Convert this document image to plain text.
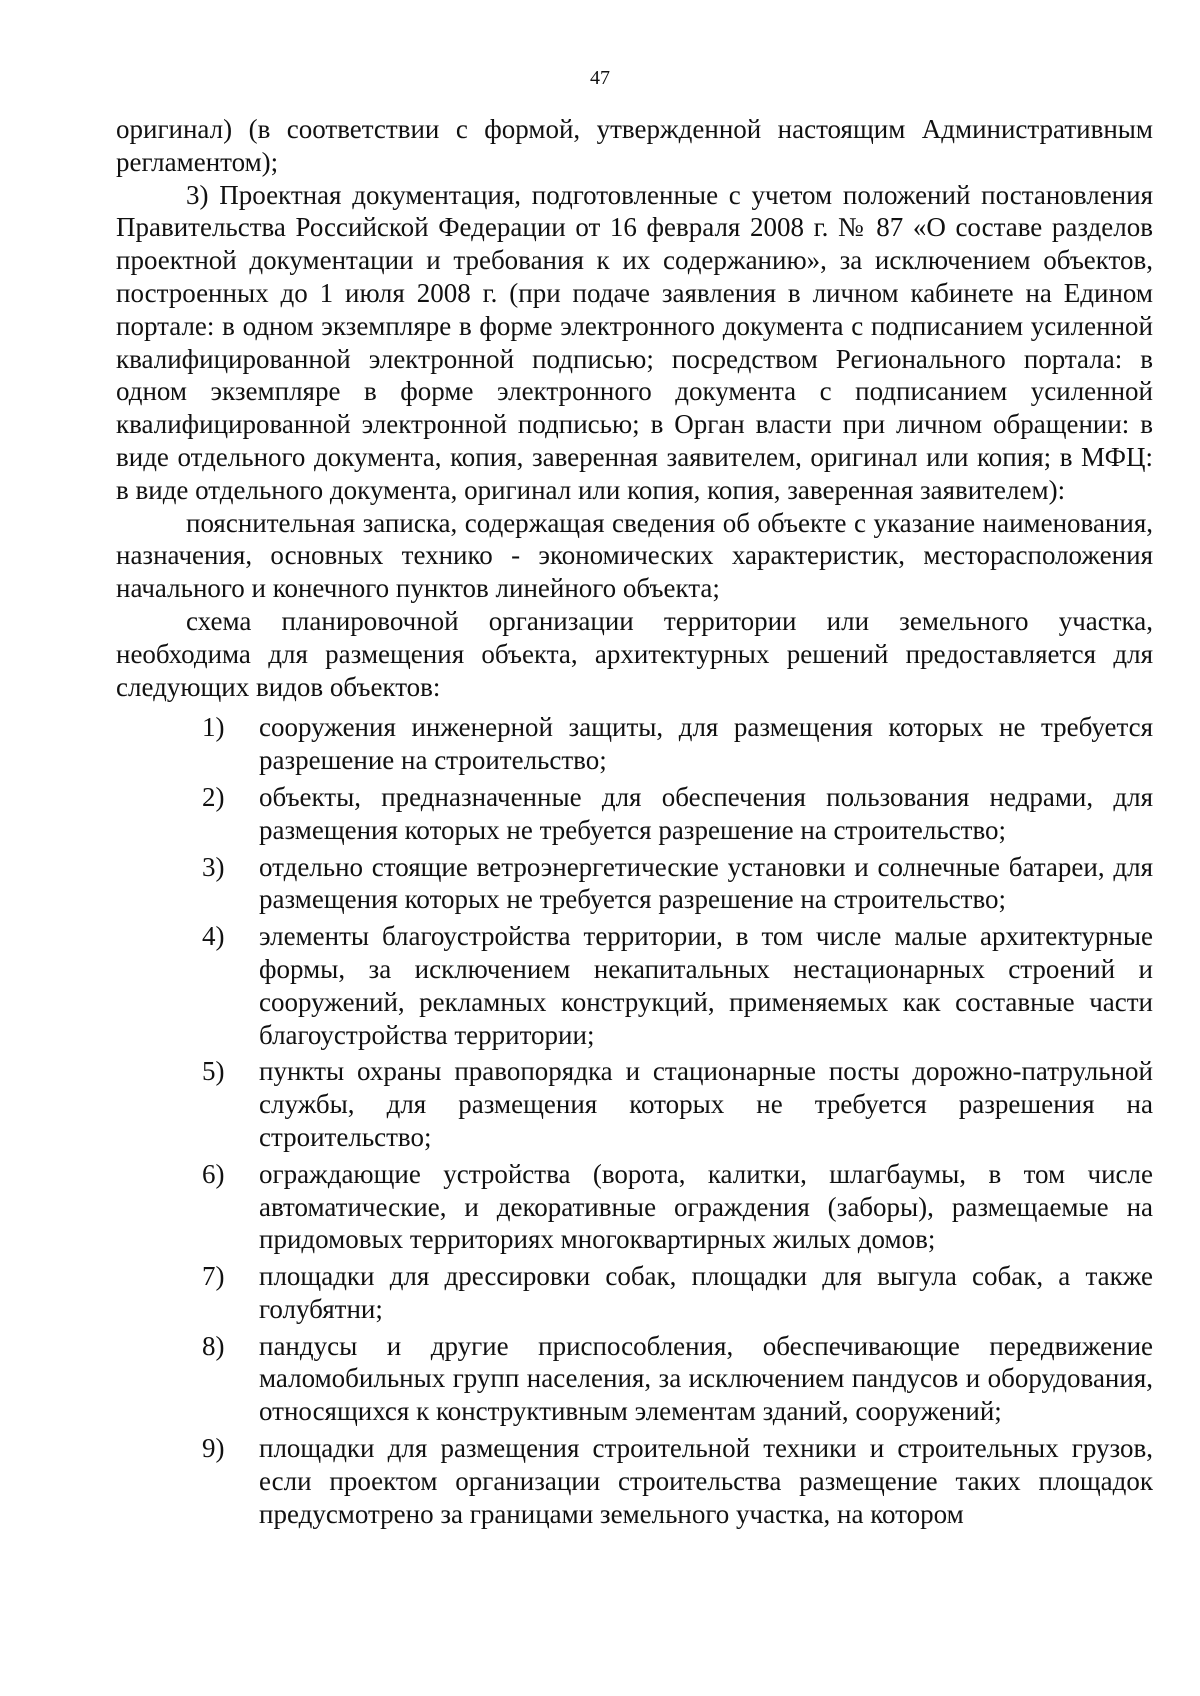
47

оригинал) (в соответствии с формой, утвержденной настоящим Административным регламентом);

3) Проектная документация, подготовленные с учетом положений постановления Правительства Российской Федерации от 16 февраля 2008 г. № 87 «О составе разделов проектной документации и требования к их содержанию», за исключением объектов, построенных до 1 июля 2008 г. (при подаче заявления в личном кабинете на Едином портале: в одном экземпляре в форме электронного документа с подписанием усиленной квалифицированной электронной подписью; посредством Регионального портала: в одном экземпляре в форме электронного документа с подписанием усиленной квалифицированной электронной подписью; в Орган власти при личном обращении: в виде отдельного документа, копия, заверенная заявителем, оригинал или копия; в МФЦ: в виде отдельного документа, оригинал или копия, копия, заверенная заявителем):

пояснительная записка, содержащая сведения об объекте с указание наименования, назначения, основных технико - экономических характеристик, месторасположения начального и конечного пунктов линейного объекта;

схема планировочной организации территории или земельного участка, необходима для размещения объекта, архитектурных решений предоставляется для следующих видов объектов:

1)	сооружения инженерной защиты, для размещения которых не требуется разрешение на строительство;
2)	объекты, предназначенные для обеспечения пользования недрами, для размещения которых не требуется разрешение на строительство;
3)	отдельно стоящие ветроэнергетические установки и солнечные батареи, для размещения которых не требуется разрешение на строительство;
4)	элементы благоустройства территории, в том числе малые архитектурные формы, за исключением некапитальных нестационарных строений и сооружений, рекламных конструкций, применяемых как составные части благоустройства территории;
5)	пункты охраны правопорядка и стационарные посты дорожно-патрульной службы, для размещения которых не требуется разрешения на строительство;
6)	ограждающие устройства (ворота, калитки, шлагбаумы, в том числе автоматические, и декоративные ограждения (заборы), размещаемые на придомовых территориях многоквартирных жилых домов;
7)	площадки для дрессировки собак, площадки для выгула собак, а также голубятни;
8)	пандусы и другие приспособления, обеспечивающие передвижение маломобильных групп населения, за исключением пандусов и оборудования, относящихся к конструктивным элементам зданий, сооружений;
9)	площадки для размещения строительной техники и строительных грузов, если проектом организации строительства размещение таких площадок предусмотрено за границами земельного участка, на котором
